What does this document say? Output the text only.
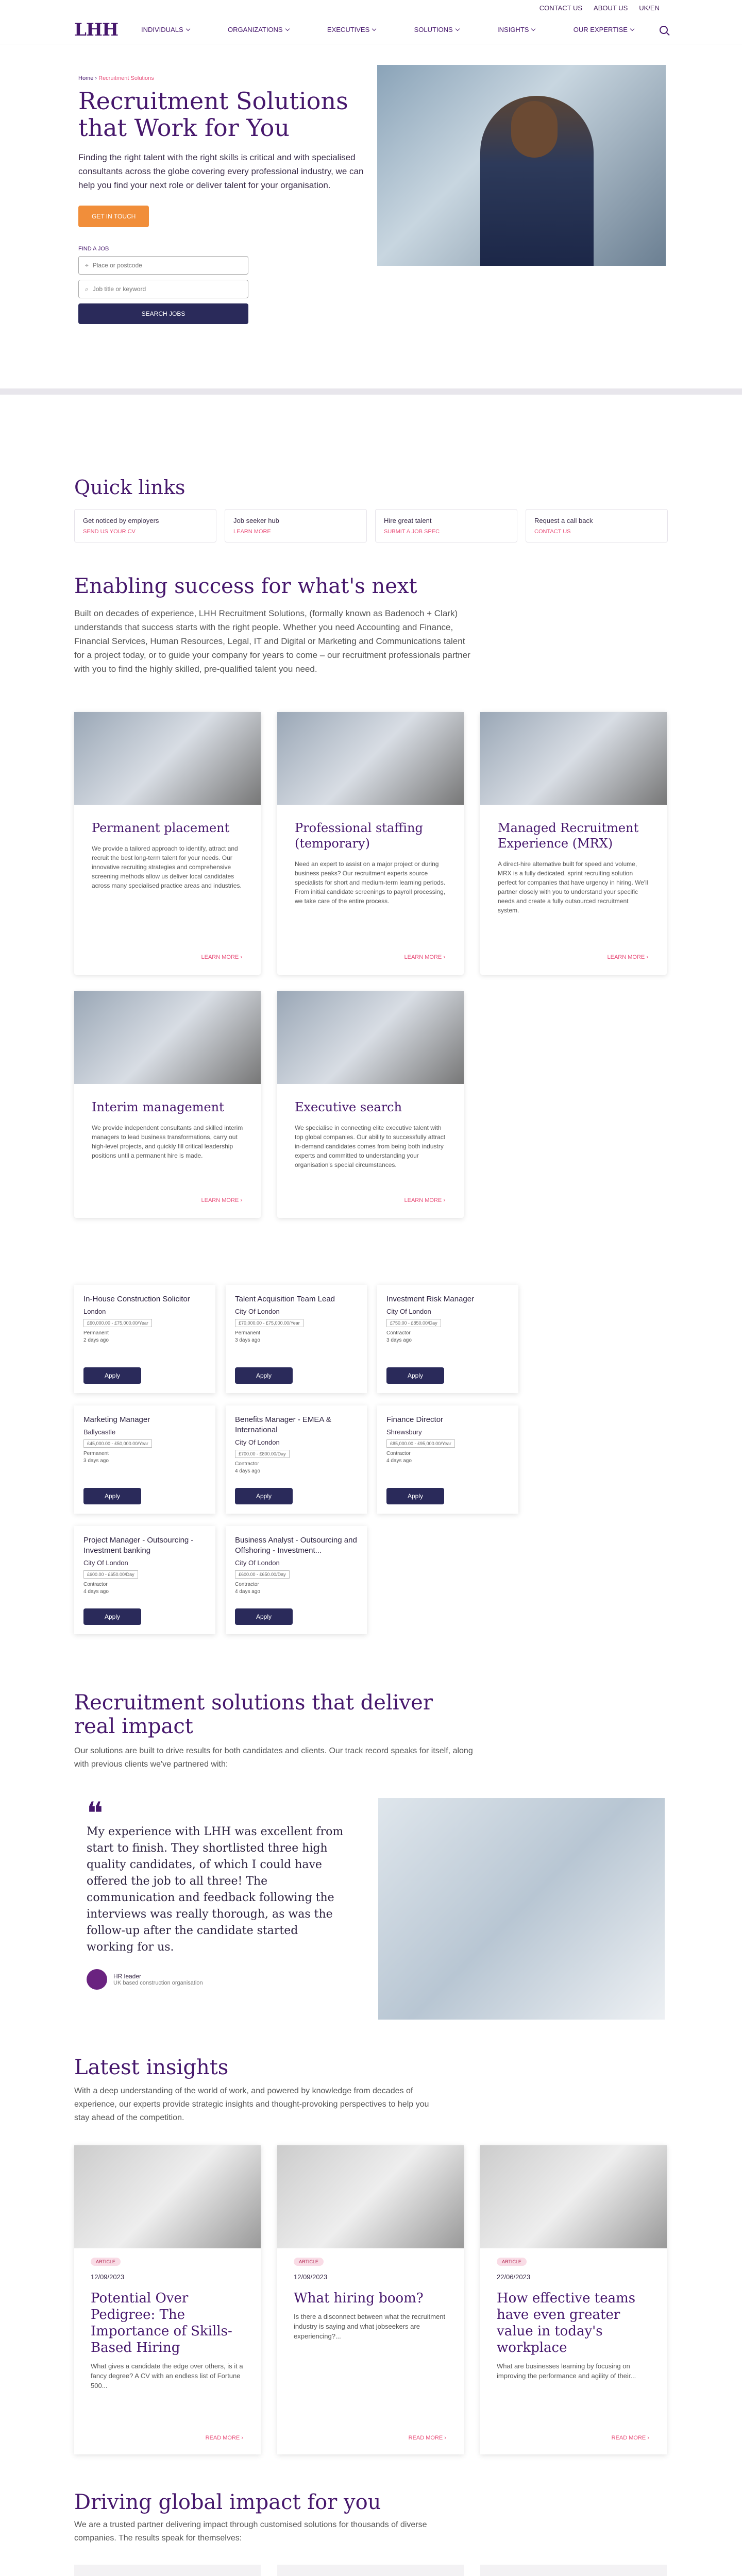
CONTACT US ABOUT US UK/EN
LHH	INDIVIDUALS	ORGANIZATIONS	EXECUTIVES	SOLUTIONS	INSIGHTS	OUR EXPERTISE
Home › Recruitment Solutions
Recruitment Solutions that Work for You

Finding the right talent with the right skills is critical and with specialised consultants across the globe covering every professional industry, we can help you find your next role or deliver talent for your organisation.

GET IN TOUCH
FIND A JOB
⌖ Place or postcode
⌕ Job title or keyword
SEARCH JOBS
Quick links
Get noticed by employers
SEND US YOUR CV
Job seeker hub
LEARN MORE
Hire great talent
SUBMIT A JOB SPEC
Request a call back
CONTACT US
Enabling success for what's next

Built on decades of experience, LHH Recruitment Solutions, (formally known as Badenoch + Clark) understands that success starts with the right people. Whether you need Accounting and Finance, Financial Services, Human Resources, Legal, IT and Digital or Marketing and Communications talent for a project today, or to guide your company for years to come – our recruitment professionals partner with you to find the highly skilled, pre-qualified talent you need.

Permanent placement

We provide a tailored approach to identify, attract and recruit the best long-term talent for your needs. Our innovative recruiting strategies and comprehensive screening methods allow us deliver local candidates across many specialised practice areas and industries.

LEARN MORE ›
Professional staffing (temporary)

Need an expert to assist on a major project or during business peaks? Our recruitment experts source specialists for short and medium-term learning periods. From initial candidate screenings to payroll processing, we take care of the entire process.

LEARN MORE ›
Managed Recruitment Experience (MRX)

A direct-hire alternative built for speed and volume, MRX is a fully dedicated, sprint recruiting solution perfect for companies that have urgency in hiring. We'll partner closely with you to understand your specific needs and create a fully outsourced recruitment system.

LEARN MORE ›
Interim management

We provide independent consultants and skilled interim managers to lead business transformations, carry out high-level projects, and quickly fill critical leadership positions until a permanent hire is made.

LEARN MORE ›
Executive search

We specialise in connecting elite executive talent with top global companies. Our ability to successfully attract in-demand candidates comes from being both industry experts and committed to understanding your organisation's special circumstances.

LEARN MORE ›
In-House Construction Solicitor
London
£60,000.00 - £75,000.00/Year
Permanent
2 days ago
Apply
Talent Acquisition Team Lead
City Of London
£70,000.00 - £75,000.00/Year
Permanent
3 days ago
Apply
Investment Risk Manager
City Of London
£750.00 - £850.00/Day
Contractor
3 days ago
Apply
Marketing Manager
Ballycastle
£45,000.00 - £50,000.00/Year
Permanent
3 days ago
Apply
Benefits Manager - EMEA & International
City Of London
£700.00 - £800.00/Day
Contractor
4 days ago
Apply
Finance Director
Shrewsbury
£85,000.00 - £95,000.00/Year
Contractor
4 days ago
Apply
Project Manager - Outsourcing - Investment banking
City Of London
£600.00 - £650.00/Day
Contractor
4 days ago
Apply
Business Analyst - Outsourcing and Offshoring - Investment...
City Of London
£600.00 - £650.00/Day
Contractor
4 days ago
Apply
Recruitment solutions that deliver real impact

Our solutions are built to drive results for both candidates and clients. Our track record speaks for itself, along with previous clients we've partnered with:

❝
My experience with LHH was excellent from start to finish. They shortlisted three high quality candidates, of which I could have offered the job to all three! The communication and feedback following the interviews was really thorough, as was the follow-up after the candidate started working for us.
HR leader
UK based construction organisation
Latest insights

With a deep understanding of the world of work, and powered by knowledge from decades of experience, our experts provide strategic insights and thought-provoking perspectives to help you stay ahead of the competition.

ARTICLE
12/09/2023
Potential Over Pedigree: The Importance of Skills-Based Hiring

What gives a candidate the edge over others, is it a fancy degree? A CV with an endless list of Fortune 500...

READ MORE ›
ARTICLE
12/09/2023
What hiring boom?

Is there a disconnect between what the recruitment industry is saying and what jobseekers are experiencing?...

READ MORE ›
ARTICLE
22/06/2023
How effective teams have even greater value in today's workplace

What are businesses learning by focusing on improving the performance and agility of their...

READ MORE ›
Driving global impact for you

We are a trusted partner delivering impact through customised solutions for thousands of diverse companies. The results speak for themselves:
